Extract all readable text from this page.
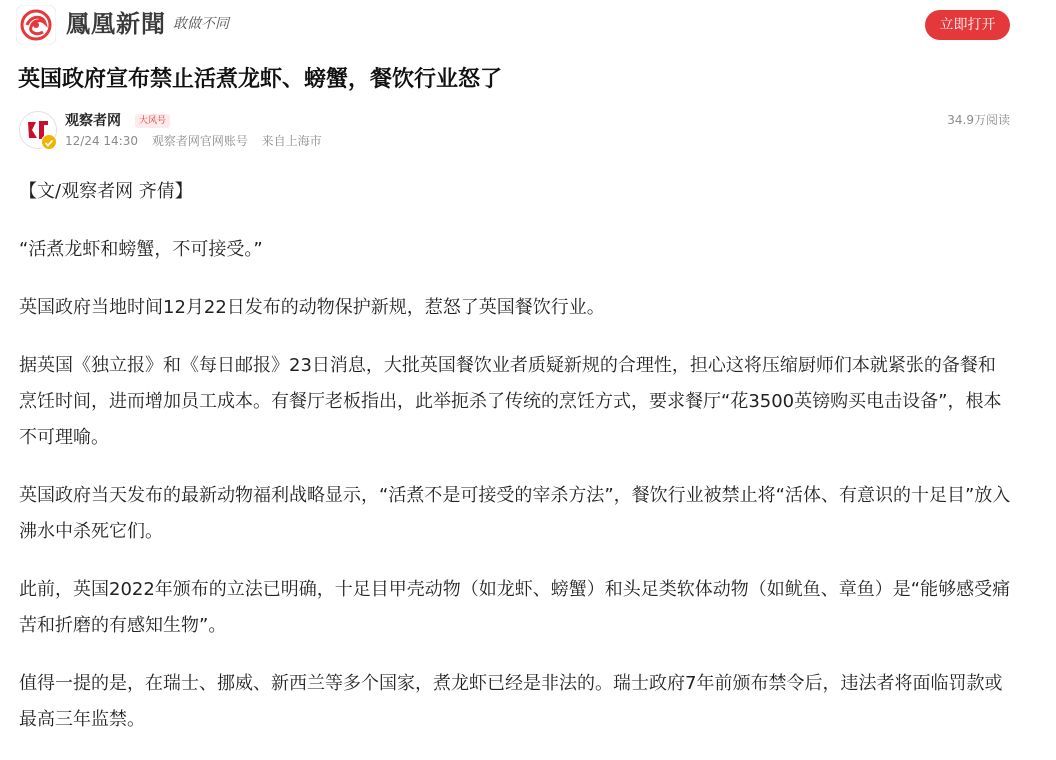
鳳凰新聞 敢做不同	立即打开
英国政府宣布禁止活煮龙虾、螃蟹，餐饮行业怒了
观察者网	大风号
12/24 14:30 观察者网官网账号 来自上海市
34.9万阅读

【文/观察者网 齐倩】

“活煮龙虾和螃蟹，不可接受。”

英国政府当地时间12月22日发布的动物保护新规，惹怒了英国餐饮行业。

据英国《独立报》和《每日邮报》23日消息，大批英国餐饮业者质疑新规的合理性，担心这将压缩厨师们本就紧张的备餐和烹饪时间，进而增加员工成本。有餐厅老板指出，此举扼杀了传统的烹饪方式，要求餐厅“花3500英镑购买电击设备”，根本不可理喻。

英国政府当天发布的最新动物福利战略显示，“活煮不是可接受的宰杀方法”，餐饮行业被禁止将“活体、有意识的十足目”放入沸水中杀死它们。

此前，英国2022年颁布的立法已明确，十足目甲壳动物（如龙虾、螃蟹）和头足类软体动物（如鱿鱼、章鱼）是“能够感受痛苦和折磨的有感知生物”。

值得一提的是，在瑞士、挪威、新西兰等多个国家，煮龙虾已经是非法的。瑞士政府7年前颁布禁令后，违法者将面临罚款或最高三年监禁。
